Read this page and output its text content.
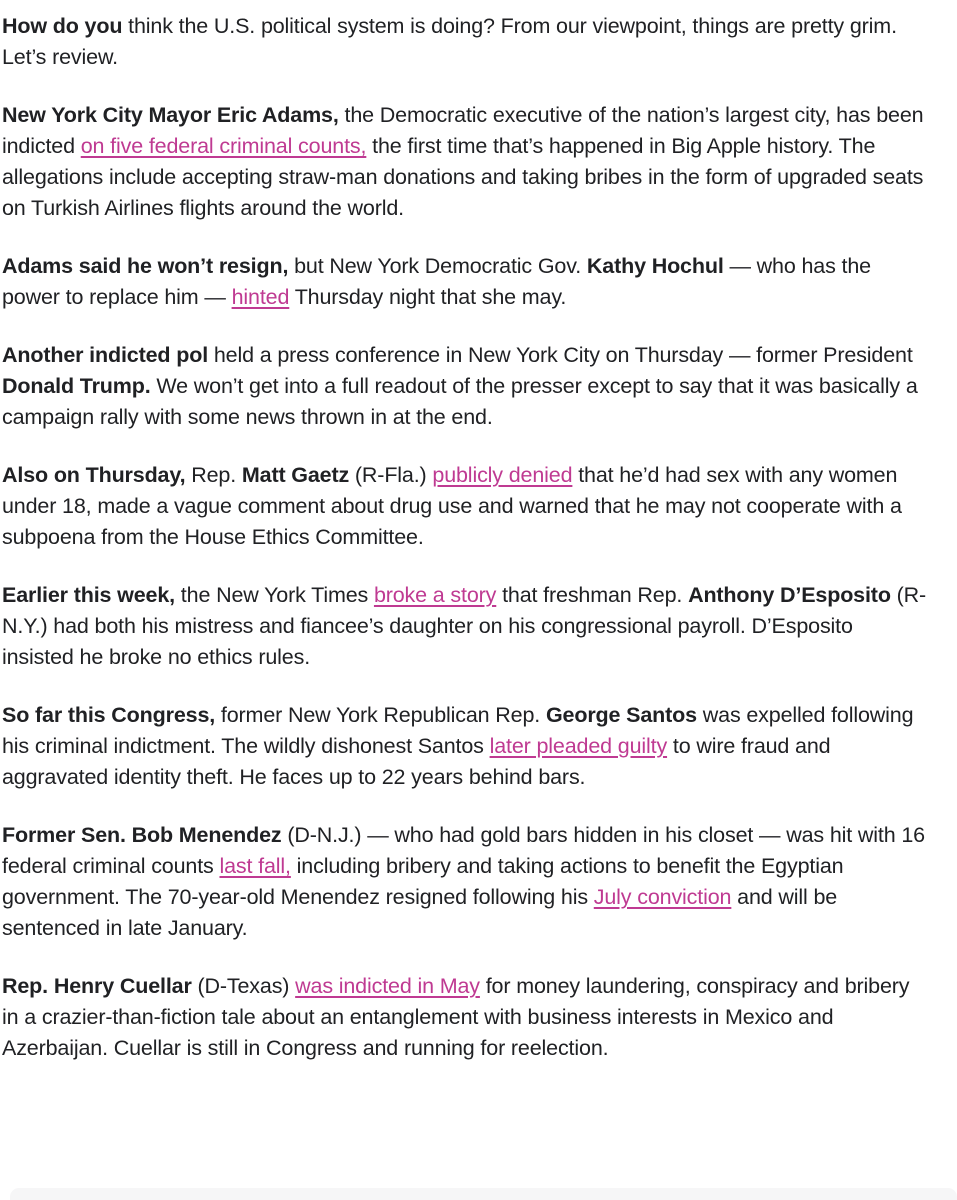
How do you think the U.S. political system is doing? From our viewpoint, things are pretty grim. Let’s review.

New York City Mayor Eric Adams, the Democratic executive of the nation’s largest city, has been indicted on five federal criminal counts, the first time that’s happened in Big Apple history. The allegations include accepting straw-man donations and taking bribes in the form of upgraded seats on Turkish Airlines flights around the world.

Adams said he won’t resign, but New York Democratic Gov. Kathy Hochul — who has the power to replace him — hinted Thursday night that she may.

Another indicted pol held a press conference in New York City on Thursday — former President Donald Trump. We won’t get into a full readout of the presser except to say that it was basically a campaign rally with some news thrown in at the end.

Also on Thursday, Rep. Matt Gaetz (R-Fla.) publicly denied that he’d had sex with any women under 18, made a vague comment about drug use and warned that he may not cooperate with a subpoena from the House Ethics Committee.

Earlier this week, the New York Times broke a story that freshman Rep. Anthony D’Esposito (R-N.Y.) had both his mistress and fiancee’s daughter on his congressional payroll. D’Esposito insisted he broke no ethics rules.

So far this Congress, former New York Republican Rep. George Santos was expelled following his criminal indictment. The wildly dishonest Santos later pleaded guilty to wire fraud and aggravated identity theft. He faces up to 22 years behind bars.

Former Sen. Bob Menendez (D-N.J.) — who had gold bars hidden in his closet — was hit with 16 federal criminal counts last fall, including bribery and taking actions to benefit the Egyptian government. The 70-year-old Menendez resigned following his July conviction and will be sentenced in late January.

Rep. Henry Cuellar (D-Texas) was indicted in May for money laundering, conspiracy and bribery in a crazier-than-fiction tale about an entanglement with business interests in Mexico and Azerbaijan. Cuellar is still in Congress and running for reelection.
